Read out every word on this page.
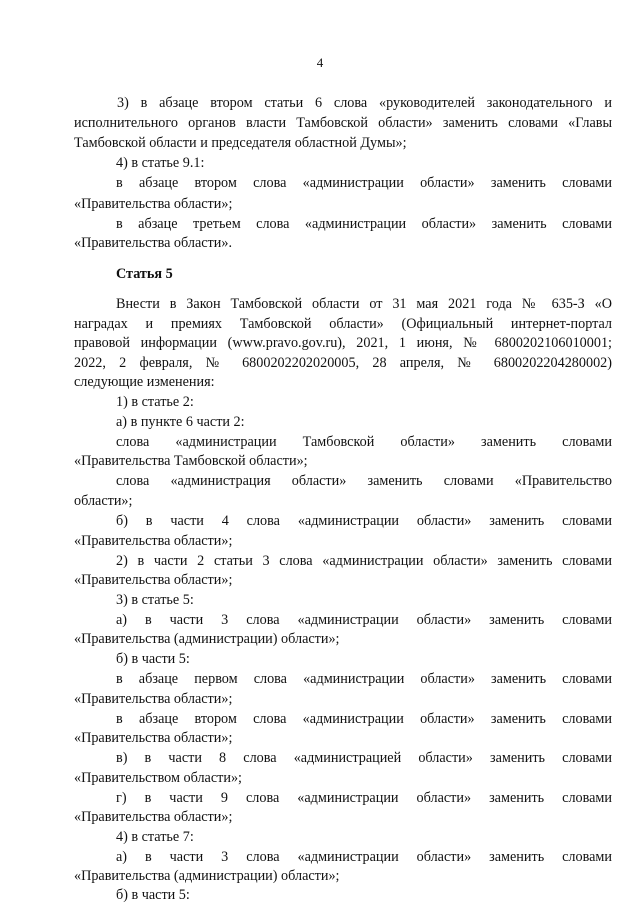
4
3) в абзаце втором статьи 6 слова «руководителей законодательного и
исполнительного органов власти Тамбовской области» заменить словами «Главы
Тамбовской области и председателя областной Думы»;
4) в статье 9.1:
в абзаце втором слова «администрации области» заменить словами
«Правительства области»;
в абзаце третьем слова «администрации области» заменить словами
«Правительства области».
Статья 5
Внести в Закон Тамбовской области от 31 мая 2021 года № 635-З «О
наградах и премиях Тамбовской области» (Официальный интернет-портал
правовой информации (www.pravo.gov.ru), 2021, 1 июня, № 6800202106010001;
2022, 2 февраля, № 6800202202020005, 28 апреля, № 6800202204280002)
следующие изменения:
1) в статье 2:
а) в пункте 6 части 2:
слова «администрации Тамбовской области» заменить словами
«Правительства Тамбовской области»;
слова «администрация области» заменить словами «Правительство
области»;
б) в части 4 слова «администрации области» заменить словами
«Правительства области»;
2) в части 2 статьи 3 слова «администрации области» заменить словами
«Правительства области»;
3) в статье 5:
а) в части 3 слова «администрации области» заменить словами
«Правительства (администрации) области»;
б) в части 5:
в абзаце первом слова «администрации области» заменить словами
«Правительства области»;
в абзаце втором слова «администрации области» заменить словами
«Правительства области»;
в) в части 8 слова «администрацией области» заменить словами
«Правительством области»;
г) в части 9 слова «администрации области» заменить словами
«Правительства области»;
4) в статье 7:
а) в части 3 слова «администрации области» заменить словами
«Правительства (администрации) области»;
б) в части 5:
